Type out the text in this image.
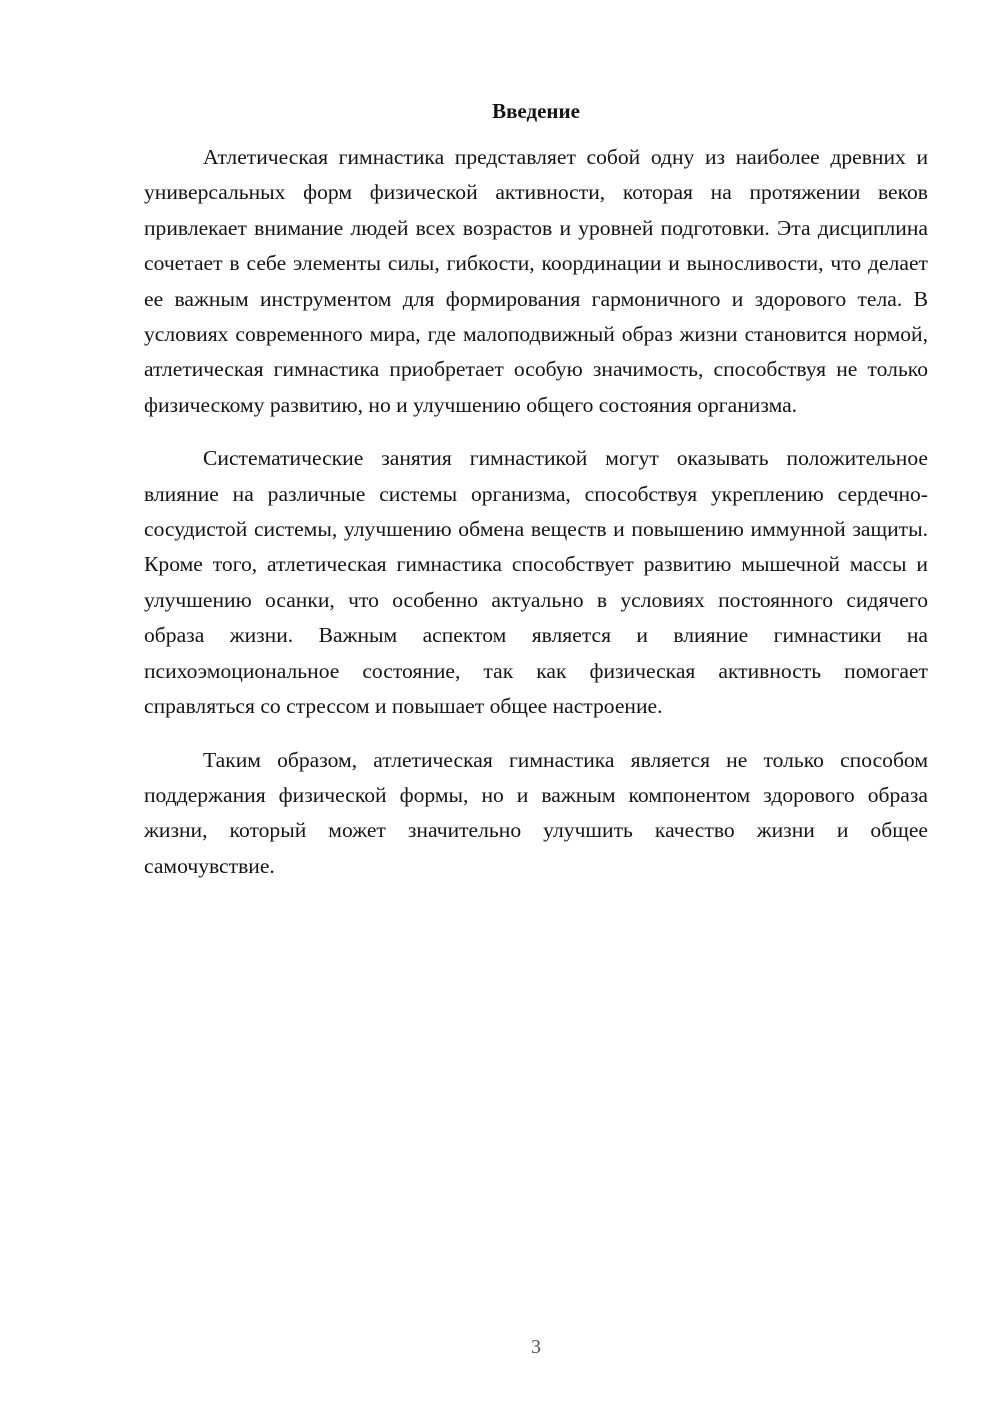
Введение

Атлетическая гимнастика представляет собой одну из наиболее древних и универсальных форм физической активности, которая на протяжении веков привлекает внимание людей всех возрастов и уровней подготовки. Эта дисциплина сочетает в себе элементы силы, гибкости, координации и выносливости, что делает ее важным инструментом для формирования гармоничного и здорового тела. В условиях современного мира, где малоподвижный образ жизни становится нормой, атлетическая гимнастика приобретает особую значимость, способствуя не только физическому развитию, но и улучшению общего состояния организма.

Систематические занятия гимнастикой могут оказывать положительное влияние на различные системы организма, способствуя укреплению сердечно-сосудистой системы, улучшению обмена веществ и повышению иммунной защиты. Кроме того, атлетическая гимнастика способствует развитию мышечной массы и улучшению осанки, что особенно актуально в условиях постоянного сидячего образа жизни. Важным аспектом является и влияние гимнастики на психоэмоциональное состояние, так как физическая активность помогает справляться со стрессом и повышает общее настроение.

Таким образом, атлетическая гимнастика является не только способом поддержания физической формы, но и важным компонентом здорового образа жизни, который может значительно улучшить качество жизни и общее самочувствие.

3
